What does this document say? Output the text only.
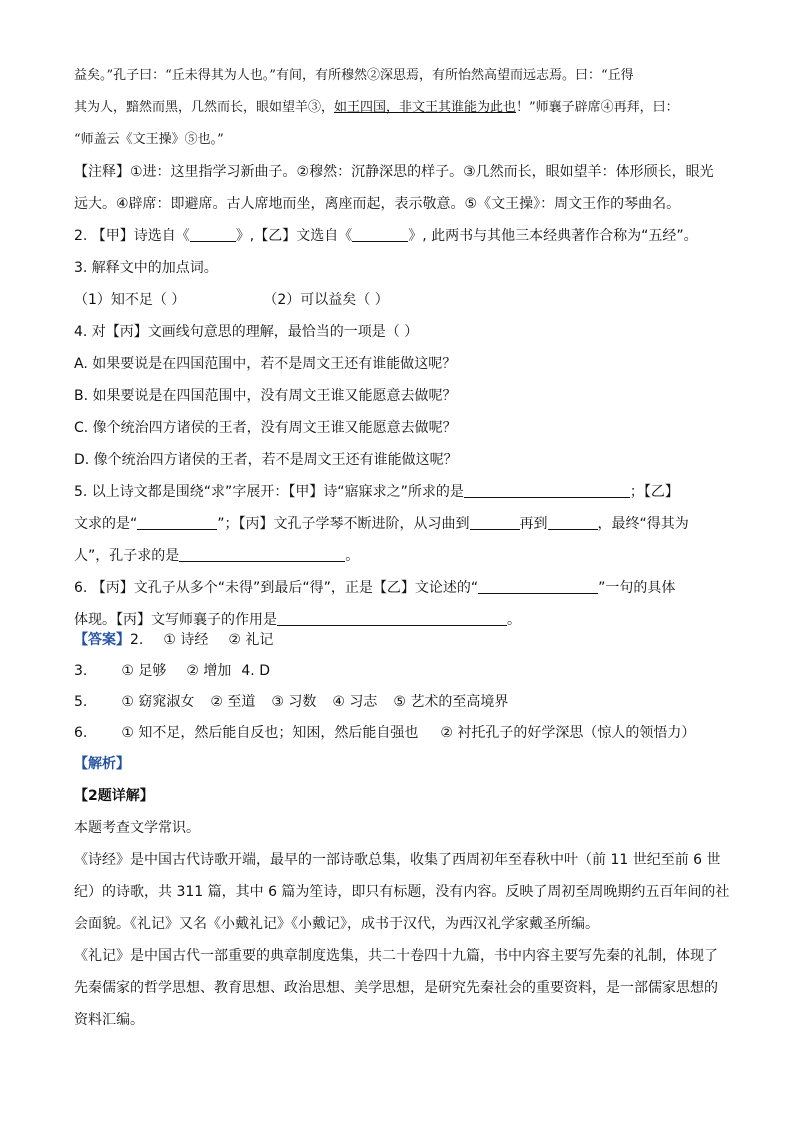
益矣。”孔子曰：“丘未得其为人也。”有间，有所穆然②深思焉，有所怡然高望而远志焉。曰：“丘得
其为人，黯然而黑，几然而长，眼如望羊③，如王四国，非文王其谁能为此也！”师襄子辟席④再拜，曰：
“师盖云《文王操》⑤也。”
【注释】①进：这里指学习新曲子。②穆然：沉静深思的样子。③几然而长，眼如望羊：体形颀长，眼光
远大。④辟席：即避席。古人席地而坐，离座而起，表示敬意。⑤《文王操》：周文王作的琴曲名。
2. 【甲】诗选自《	》,【乙】文选自《	》, 此两书与其他三本经典著作合称为“五经”。
3. 解释文中的加点词。
（1）知不足（ ）	（2）可以益矣（ ）
4. 对【丙】文画线句意思的理解，最恰当的一项是（ ）
A. 如果要说是在四国范围中，若不是周文王还有谁能做这呢？
B. 如果要说是在四国范围中，没有周文王谁又能愿意去做呢？
C. 像个统治四方诸侯的王者，没有周文王谁又能愿意去做呢？
D. 像个统治四方诸侯的王者，若不是周文王还有谁能做这呢？
5. 以上诗文都是围绕“求”字展开：【甲】诗“寤寐求之”所求的是	；【乙】
文求的是“	”；【丙】文孔子学琴不断进阶，从习曲到	再到	，最终“得其为
人”，孔子求的是	。
6. 【丙】文孔子从多个“未得”到最后“得”，正是【乙】文论述的“	”一句的具体
体现。【丙】文写师襄子的作用是	。
【答案】2. ① 诗经 ② 礼记
3. ① 足够 ② 增加 4. D
5. ① 窈窕淑女 ② 至道 ③ 习数 ④ 习志 ⑤ 艺术的至高境界
6. ① 知不足，然后能自反也；知困，然后能自强也 ② 衬托孔子的好学深思（惊人的领悟力）
【解析】
【2题详解】
本题考查文学常识。
《诗经》是中国古代诗歌开端，最早的一部诗歌总集，收集了西周初年至春秋中叶（前 11 世纪至前 6 世
纪）的诗歌，共 311 篇，其中 6 篇为笙诗，即只有标题，没有内容。反映了周初至周晚期约五百年间的社
会面貌。《礼记》又名《小戴礼记》《小戴记》，成书于汉代，为西汉礼学家戴圣所编。
《礼记》是中国古代一部重要的典章制度选集，共二十卷四十九篇，书中内容主要写先秦的礼制，体现了
先秦儒家的哲学思想、教育思想、政治思想、美学思想，是研究先秦社会的重要资料，是一部儒家思想的
资料汇编。
